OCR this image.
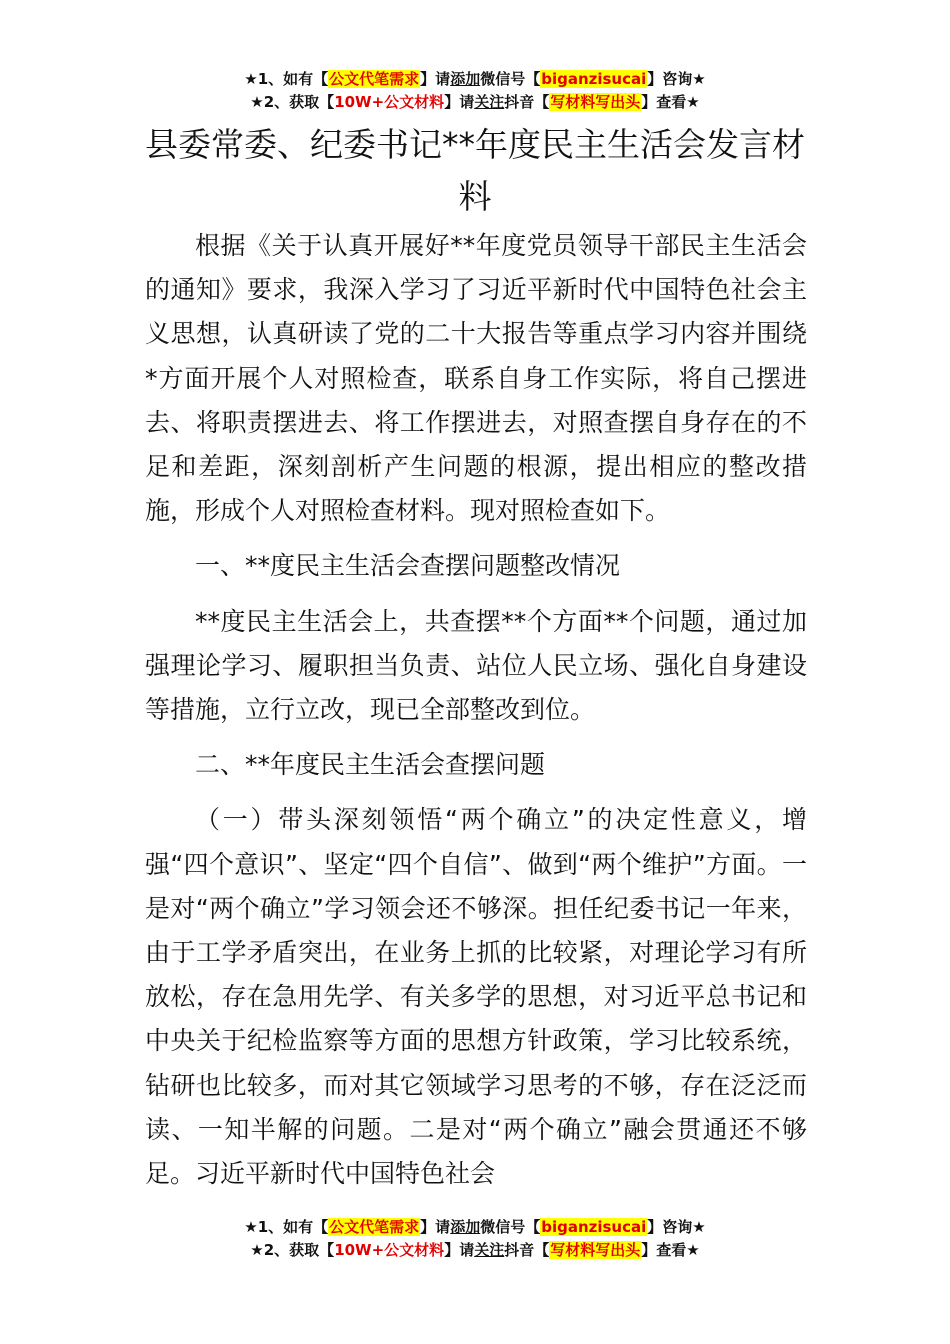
★1、如有【公文代笔需求】请添加微信号【biganzisucai】咨询★
★2、获取【10W+公文材料】请关注抖音【写材料写出头】查看★
县委常委、纪委书记**年度民主生活会发言材料

根据《关于认真开展好**年度党员领导干部民主生活会的通知》要求，我深入学习了习近平新时代中国特色社会主义思想，认真研读了党的二十大报告等重点学习内容并围绕*方面开展个人对照检查，联系自身工作实际，将自己摆进去、将职责摆进去、将工作摆进去，对照查摆自身存在的不足和差距，深刻剖析产生问题的根源，提出相应的整改措施，形成个人对照检查材料。现对照检查如下。

一、**度民主生活会查摆问题整改情况

**度民主生活会上，共查摆**个方面**个问题，通过加强理论学习、履职担当负责、站位人民立场、强化自身建设等措施，立行立改，现已全部整改到位。

二、**年度民主生活会查摆问题

（一）带头深刻领悟“两个确立”的决定性意义，增强“四个意识”、坚定“四个自信”、做到“两个维护”方面。一是对“两个确立”学习领会还不够深。担任纪委书记一年来，由于工学矛盾突出，在业务上抓的比较紧，对理论学习有所放松，存在急用先学、有关多学的思想，对习近平总书记和中央关于纪检监察等方面的思想方针政策，学习比较系统，钻研也比较多，而对其它领域学习思考的不够，存在泛泛而读、一知半解的问题。二是对“两个确立”融会贯通还不够足。习近平新时代中国特色社会

★1、如有【公文代笔需求】请添加微信号【biganzisucai】咨询★
★2、获取【10W+公文材料】请关注抖音【写材料写出头】查看★
